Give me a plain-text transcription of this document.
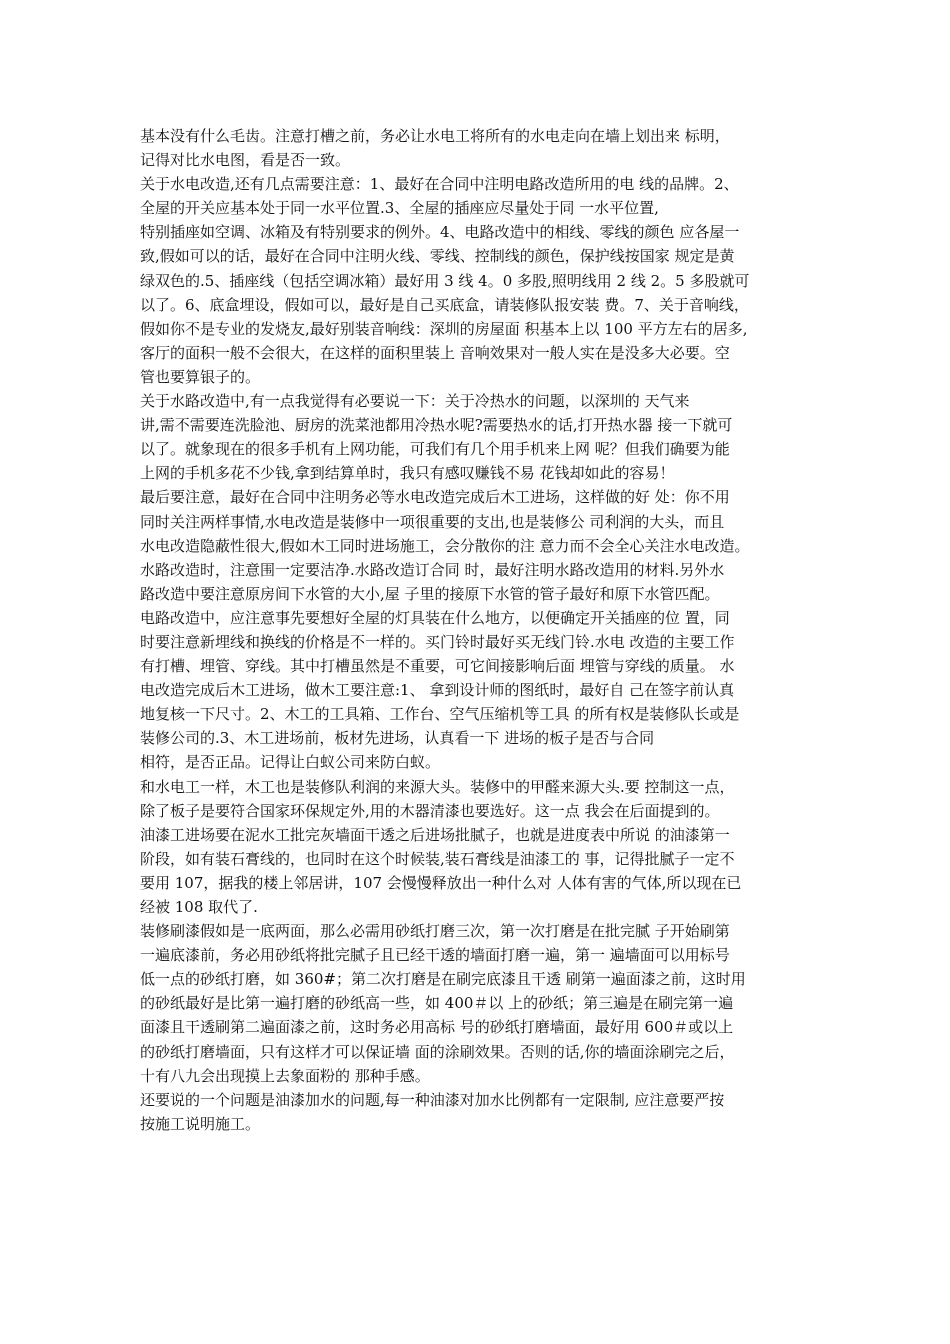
基本没有什么毛齿。注意打槽之前，务必让水电工将所有的水电走向在墙上划出来 标明，
记得对比水电图，看是否一致。
关于水电改造,还有几点需要注意：1、最好在合同中注明电路改造所用的电 线的品牌。2、
全屋的开关应基本处于同一水平位置.3、全屋的插座应尽量处于同 一水平位置,
特别插座如空调、冰箱及有特别要求的例外。4、电路改造中的相线、零线的颜色 应各屋一
致,假如可以的话，最好在合同中注明火线、零线、控制线的颜色，保护线按国家 规定是黄
绿双色的.5、插座线（包括空调冰箱）最好用 3 线 4。0 多股,照明线用 2 线 2。5 多股就可
以了。6、底盒埋设，假如可以，最好是自己买底盒，请装修队报安装 费。7、关于音响线，
假如你不是专业的发烧友,最好别装音响线：深圳的房屋面 积基本上以 100 平方左右的居多,
客厅的面积一般不会很大，在这样的面积里装上 音响效果对一般人实在是没多大必要。空
管也要算银子的。
关于水路改造中,有一点我觉得有必要说一下：关于冷热水的问题，以深圳的 天气来
讲,需不需要连洗脸池、厨房的洗菜池都用冷热水呢?需要热水的话,打开热水器 接一下就可
以了。就象现在的很多手机有上网功能，可我们有几个用手机来上网 呢？但我们确要为能
上网的手机多花不少钱,拿到结算单时，我只有感叹赚钱不易 花钱却如此的容易！
最后要注意，最好在合同中注明务必等水电改造完成后木工进场，这样做的好 处：你不用
同时关注两样事情,水电改造是装修中一项很重要的支出,也是装修公 司利润的大头，而且
水电改造隐蔽性很大,假如木工同时进场施工，会分散你的注 意力而不会全心关注水电改造。
水路改造时，注意围一定要洁净.水路改造订合同 时，最好注明水路改造用的材料.另外水
路改造中要注意原房间下水管的大小,屋 子里的接原下水管的管子最好和原下水管匹配。
电路改造中，应注意事先要想好全屋的灯具装在什么地方，以便确定开关插座的位 置，同
时要注意新埋线和换线的价格是不一样的。买门铃时最好买无线门铃.水电 改造的主要工作
有打槽、埋管、穿线。其中打槽虽然是不重要，可它间接影响后面 埋管与穿线的质量。 水
电改造完成后木工进场，做木工要注意:1、 拿到设计师的图纸时，最好自 己在签字前认真
地复核一下尺寸。2、木工的工具箱、工作台、空气压缩机等工具 的所有权是装修队长或是
装修公司的.3、木工进场前，板材先进场，认真看一下 进场的板子是否与合同
相符，是否正品。记得让白蚁公司来防白蚁。
和水电工一样，木工也是装修队利润的来源大头。装修中的甲醛来源大头.要 控制这一点，
除了板子是要符合国家环保规定外,用的木器清漆也要选好。这一点 我会在后面提到的。
油漆工进场要在泥水工批完灰墙面干透之后进场批腻子，也就是进度表中所说 的油漆第一
阶段，如有装石膏线的，也同时在这个时候装,装石膏线是油漆工的 事，记得批腻子一定不
要用 107，据我的楼上邻居讲，107 会慢慢释放出一种什么对 人体有害的气体,所以现在已
经被 108 取代了.
装修刷漆假如是一底两面，那么必需用砂纸打磨三次，第一次打磨是在批完腻 子开始刷第
一遍底漆前，务必用砂纸将批完腻子且已经干透的墙面打磨一遍，第一 遍墙面可以用标号
低一点的砂纸打磨，如 360#；第二次打磨是在刷完底漆且干透 刷第一遍面漆之前，这时用
的砂纸最好是比第一遍打磨的砂纸高一些，如 400＃以 上的砂纸；第三遍是在刷完第一遍
面漆且干透刷第二遍面漆之前，这时务必用高标 号的砂纸打磨墙面，最好用 600＃或以上
的砂纸打磨墙面，只有这样才可以保证墙 面的涂刷效果。否则的话,你的墙面涂刷完之后，
十有八九会出现摸上去象面粉的 那种手感。
还要说的一个问题是油漆加水的问题,每一种油漆对加水比例都有一定限制, 应注意要严按
按施工说明施工。
